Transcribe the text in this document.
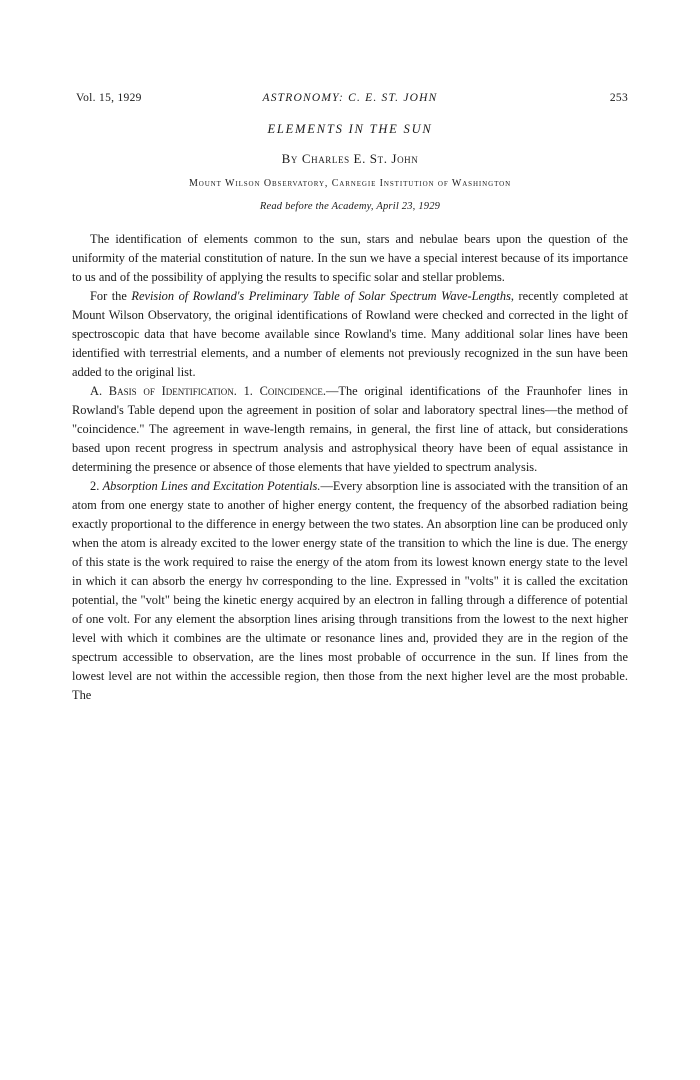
Vol. 15, 1929	ASTRONOMY: C. E. ST. JOHN	253
ELEMENTS IN THE SUN
By Charles E. St. John
Mount Wilson Observatory, Carnegie Institution of Washington
Read before the Academy, April 23, 1929

The identification of elements common to the sun, stars and nebulae bears upon the question of the uniformity of the material constitution of nature. In the sun we have a special interest because of its importance to us and of the possibility of applying the results to specific solar and stellar problems.

For the Revision of Rowland's Preliminary Table of Solar Spectrum Wave-Lengths, recently completed at Mount Wilson Observatory, the original identifications of Rowland were checked and corrected in the light of spectroscopic data that have become available since Rowland's time. Many additional solar lines have been identified with terrestrial elements, and a number of elements not previously recognized in the sun have been added to the original list.

A. Basis of Identification. 1. Coincidence.—The original identifications of the Fraunhofer lines in Rowland's Table depend upon the agreement in position of solar and laboratory spectral lines—the method of "coincidence." The agreement in wave-length remains, in general, the first line of attack, but considerations based upon recent progress in spectrum analysis and astrophysical theory have been of equal assistance in determining the presence or absence of those elements that have yielded to spectrum analysis.

2. Absorption Lines and Excitation Potentials.—Every absorption line is associated with the transition of an atom from one energy state to another of higher energy content, the frequency of the absorbed radiation being exactly proportional to the difference in energy between the two states. An absorption line can be produced only when the atom is already excited to the lower energy state of the transition to which the line is due. The energy of this state is the work required to raise the energy of the atom from its lowest known energy state to the level in which it can absorb the energy hν corresponding to the line. Expressed in "volts" it is called the excitation potential, the "volt" being the kinetic energy acquired by an electron in falling through a difference of potential of one volt. For any element the absorption lines arising through transitions from the lowest to the next higher level with which it combines are the ultimate or resonance lines and, provided they are in the region of the spectrum accessible to observation, are the lines most probable of occurrence in the sun. If lines from the lowest level are not within the accessible region, then those from the next higher level are the most probable. The
